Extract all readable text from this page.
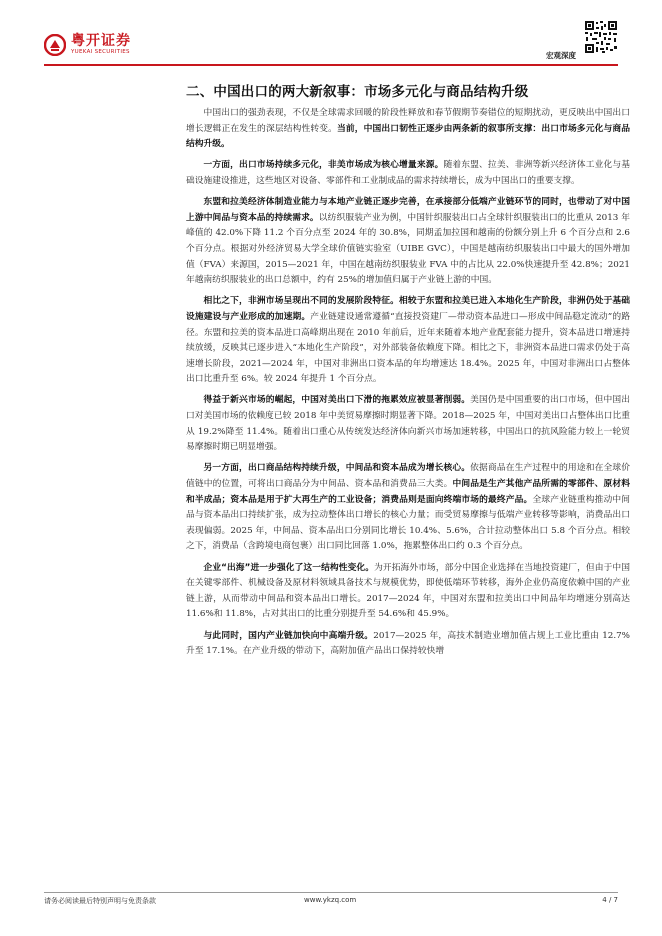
粤开证券
YUEKAI SECURITIES	宏观深度
二、中国出口的两大新叙事：市场多元化与商品结构升级

中国出口的强劲表现，不仅是全球需求回暖的阶段性释放和春节假期节奏错位的短期扰动，更反映出中国出口增长逻辑正在发生的深层结构性转变。当前，中国出口韧性正逐步由两条新的叙事所支撑：出口市场多元化与商品结构升级。

一方面，出口市场持续多元化，非美市场成为核心增量来源。随着东盟、拉美、非洲等新兴经济体工业化与基础设施建设推进，这些地区对设备、零部件和工业制成品的需求持续增长，成为中国出口的重要支撑。

东盟和拉美经济体制造业能力与本地产业链正逐步完善，在承接部分低端产业链环节的同时，也带动了对中国上游中间品与资本品的持续需求。以纺织服装产业为例，中国针织服装出口占全球针织服装出口的比重从 2013 年峰值的 42.0%下降 11.2 个百分点至 2024 年的 30.8%，同期孟加拉国和越南的份额分别上升 6 个百分点和 2.6 个百分点。根据对外经济贸易大学全球价值链实验室（UIBE GVC），中国是越南纺织服装出口中最大的国外增加值（FVA）来源国，2015—2021 年，中国在越南纺织服装业 FVA 中的占比从 22.0%快速提升至 42.8%；2021 年越南纺织服装业的出口总额中，约有 25%的增加值归属于产业链上游的中国。

相比之下，非洲市场呈现出不同的发展阶段特征。相较于东盟和拉美已进入本地化生产阶段，非洲仍处于基础设施建设与产业形成的加速期。产业链建设通常遵循“直接投资建厂—带动资本品进口—形成中间品稳定流动”的路径。东盟和拉美的资本品进口高峰期出现在 2010 年前后，近年来随着本地产业配套能力提升，资本品进口增速持续放缓，反映其已逐步进入“本地化生产阶段”，对外部装备依赖度下降。相比之下，非洲资本品进口需求仍处于高速增长阶段，2021—2024 年，中国对非洲出口资本品的年均增速达 18.4%。2025 年，中国对非洲出口占整体出口比重升至 6%。较 2024 年提升 1 个百分点。

得益于新兴市场的崛起，中国对美出口下滑的拖累效应被显著削弱。美国仍是中国重要的出口市场，但中国出口对美国市场的依赖度已较 2018 年中美贸易摩擦时期显著下降。2018—2025 年，中国对美出口占整体出口比重从 19.2%降至 11.4%。随着出口重心从传统发达经济体向新兴市场加速转移，中国出口的抗风险能力较上一轮贸易摩擦时期已明显增强。

另一方面，出口商品结构持续升级，中间品和资本品成为增长核心。依据商品在生产过程中的用途和在全球价值链中的位置，可将出口商品分为中间品、资本品和消费品三大类。中间品是生产其他产品所需的零部件、原材料和半成品；资本品是用于扩大再生产的工业设备；消费品则是面向终端市场的最终产品。全球产业链重构推动中间品与资本品出口持续扩张，成为拉动整体出口增长的核心力量；而受贸易摩擦与低端产业转移等影响，消费品出口表现偏弱。2025 年，中间品、资本品出口分别同比增长 10.4%、5.6%，合计拉动整体出口 5.8 个百分点。相较之下，消费品（含跨境电商包裹）出口同比回落 1.0%，拖累整体出口约 0.3 个百分点。

企业“出海”进一步强化了这一结构性变化。为开拓海外市场，部分中国企业选择在当地投资建厂，但由于中国在关键零部件、机械设备及原材料领域具备技术与规模优势，即使低端环节转移，海外企业仍高度依赖中国的产业链上游，从而带动中间品和资本品出口增长。2017—2024 年，中国对东盟和拉美出口中间品年均增速分别高达 11.6%和 11.8%，占对其出口的比重分别提升至 54.6%和 45.9%。

与此同时，国内产业链加快向中高端升级。2017—2025 年，高技术制造业增加值占规上工业比重由 12.7%升至 17.1%。在产业升级的带动下，高附加值产品出口保持较快增

请务必阅读最后特别声明与免责条款	www.ykzq.com	4 / 7
